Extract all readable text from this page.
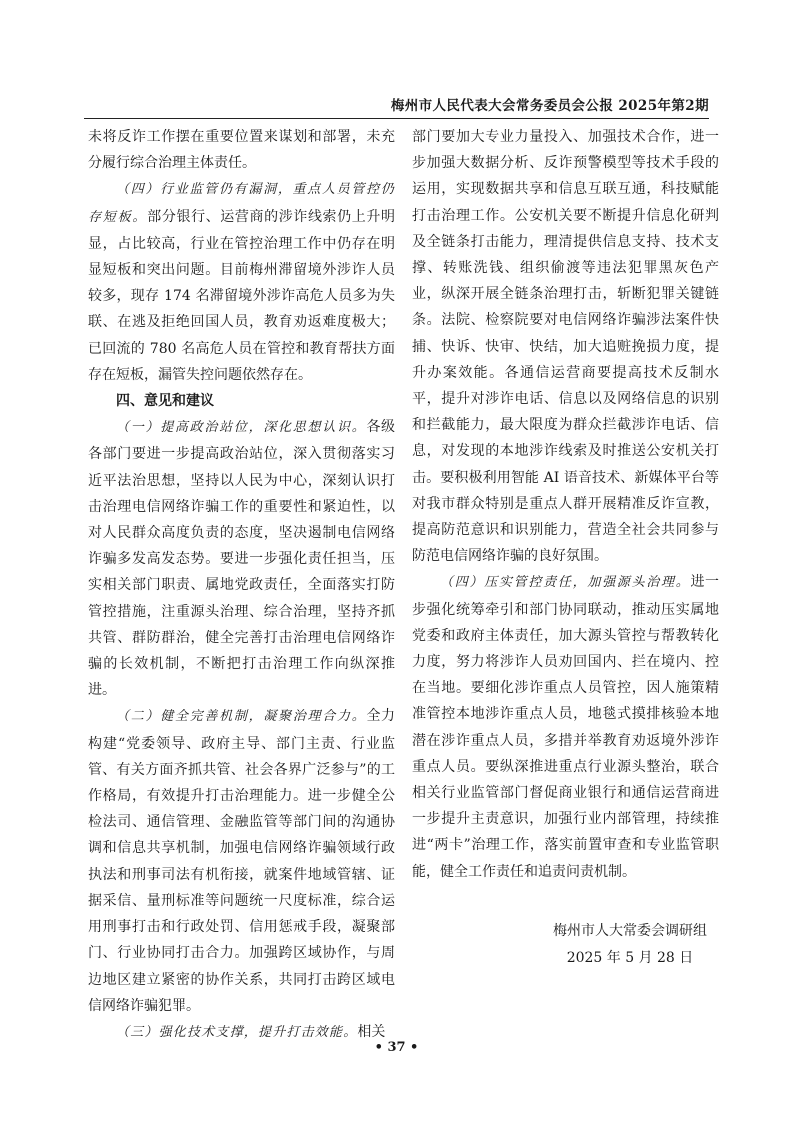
梅州市人民代表大会常务委员会公报 2025年第2期

未将反诈工作摆在重要位置来谋划和部署，未充分履行综合治理主体责任。

（四）行业监管仍有漏洞，重点人员管控仍存短板。部分银行、运营商的涉诈线索仍上升明显，占比较高，行业在管控治理工作中仍存在明显短板和突出问题。目前梅州滞留境外涉诈人员较多，现存 174 名滞留境外涉诈高危人员多为失联、在逃及拒绝回国人员，教育劝返难度极大；已回流的 780 名高危人员在管控和教育帮扶方面存在短板，漏管失控问题依然存在。

四、意见和建议

（一）提高政治站位，深化思想认识。各级各部门要进一步提高政治站位，深入贯彻落实习近平法治思想，坚持以人民为中心，深刻认识打击治理电信网络诈骗工作的重要性和紧迫性，以对人民群众高度负责的态度，坚决遏制电信网络诈骗多发高发态势。要进一步强化责任担当，压实相关部门职责、属地党政责任，全面落实打防管控措施，注重源头治理、综合治理，坚持齐抓共管、群防群治，健全完善打击治理电信网络诈骗的长效机制，不断把打击治理工作向纵深推进。

（二）健全完善机制，凝聚治理合力。全力构建“党委领导、政府主导、部门主责、行业监管、有关方面齐抓共管、社会各界广泛参与”的工作格局，有效提升打击治理能力。进一步健全公检法司、通信管理、金融监管等部门间的沟通协调和信息共享机制，加强电信网络诈骗领域行政执法和刑事司法有机衔接，就案件地域管辖、证据采信、量刑标准等问题统一尺度标准，综合运用刑事打击和行政处罚、信用惩戒手段，凝聚部门、行业协同打击合力。加强跨区域协作，与周边地区建立紧密的协作关系，共同打击跨区域电信网络诈骗犯罪。

（三）强化技术支撑，提升打击效能。相关

部门要加大专业力量投入、加强技术合作，进一步加强大数据分析、反诈预警模型等技术手段的运用，实现数据共享和信息互联互通，科技赋能打击治理工作。公安机关要不断提升信息化研判及全链条打击能力，理清提供信息支持、技术支撑、转账洗钱、组织偷渡等违法犯罪黑灰色产业，纵深开展全链条治理打击，斩断犯罪关键链条。法院、检察院要对电信网络诈骗涉法案件快捕、快诉、快审、快结，加大追赃挽损力度，提升办案效能。各通信运营商要提高技术反制水平，提升对涉诈电话、信息以及网络信息的识别和拦截能力，最大限度为群众拦截涉诈电话、信息，对发现的本地涉诈线索及时推送公安机关打击。要积极利用智能 AI 语音技术、新媒体平台等对我市群众特别是重点人群开展精准反诈宣教，提高防范意识和识别能力，营造全社会共同参与防范电信网络诈骗的良好氛围。

（四）压实管控责任，加强源头治理。进一步强化统筹牵引和部门协同联动，推动压实属地党委和政府主体责任，加大源头管控与帮教转化力度，努力将涉诈人员劝回国内、拦在境内、控在当地。要细化涉诈重点人员管控，因人施策精准管控本地涉诈重点人员，地毯式摸排核验本地潜在涉诈重点人员，多措并举教育劝返境外涉诈重点人员。要纵深推进重点行业源头整治，联合相关行业监管部门督促商业银行和通信运营商进一步提升主责意识，加强行业内部管理，持续推进“两卡”治理工作，落实前置审查和专业监管职能，健全工作责任和追责问责机制。

梅州市人大常委会调研组
2025 年 5 月 28 日
• 37 •
